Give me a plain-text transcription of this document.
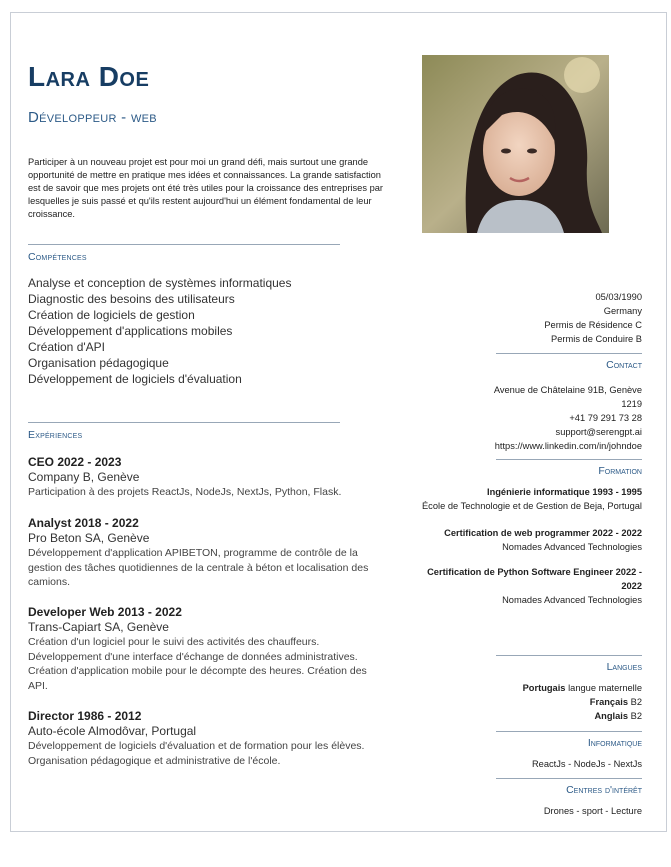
Lara Doe
Développeur - web
Participer à un nouveau projet est pour moi un grand défi, mais surtout une grande opportunité de mettre en pratique mes idées et connaissances. La grande satisfaction est de savoir que mes projets ont été très utiles pour la croissance des entreprises par lesquelles je suis passé et qu'ils restent aujourd'hui un élément fondamental de leur croissance.
Compétences
Analyse et conception de systèmes informatiques
Diagnostic des besoins des utilisateurs
Création de logiciels de gestion
Développement d'applications mobiles
Création d'API
Organisation pédagogique
Développement de logiciels d'évaluation
Expériences
CEO 2022 - 2023
Company B, Genève
Participation à des projets ReactJs, NodeJs, NextJs, Python, Flask.
Analyst 2018 - 2022
Pro Beton SA, Genève
Développement d'application APIBETON, programme de contrôle de la gestion des tâches quotidiennes de la centrale à béton et localisation des camions.
Developer Web 2013 - 2022
Trans-Capiart SA, Genève
Création d'un logiciel pour le suivi des activités des chauffeurs. Développement d'une interface d'échange de données administratives. Création d'application mobile pour le décompte des heures. Création des API.
Director 1986 - 2012
Auto-école Almodôvar, Portugal
Développement de logiciels d'évaluation et de formation pour les élèves. Organisation pédagogique et administrative de l'école.
05/03/1990
Germany
Permis de Résidence C
Permis de Conduire B
Contact
Avenue de Châtelaine 91B, Genève
1219
+41 79 291 73 28
support@serengpt.ai
https://www.linkedin.com/in/johndoe
Formation
Ingénierie informatique 1993 - 1995
École de Technologie et de Gestion de Beja, Portugal
Certification de web programmer 2022 - 2022
Nomades Advanced Technologies
Certification de Python Software Engineer 2022 -
2022
Nomades Advanced Technologies
Langues
Portugais langue maternelle
Français B2
Anglais B2
Informatique
ReactJs - NodeJs - NextJs
Centres d'intérêt
Drones - sport - Lecture
